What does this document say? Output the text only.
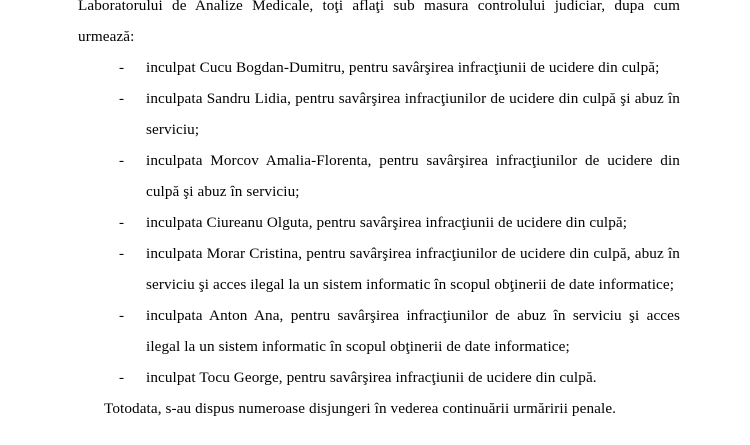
Laboratorului de Analize Medicale, toţi aflaţi sub masura controlului judiciar, dupa cum urmează:

- inculpat Cucu Bogdan-Dumitru, pentru savârşirea infracţiunii de ucidere din culpă;
- inculpata Sandru Lidia, pentru savârşirea infracţiunilor de ucidere din culpă şi abuz în serviciu;
- inculpata Morcov Amalia-Florenta, pentru savârşirea infracţiunilor de ucidere din culpă şi abuz în serviciu;
- inculpata Ciureanu Olguta, pentru savârşirea infracţiunii de ucidere din culpă;
- inculpata Morar Cristina, pentru savârşirea infracţiunilor de ucidere din culpă, abuz în serviciu şi acces ilegal la un sistem informatic în scopul obţinerii de date informatice;
- inculpata Anton Ana, pentru savârşirea infracţiunilor de abuz în serviciu şi acces ilegal la un sistem informatic în scopul obţinerii de date informatice;
- inculpat Tocu George, pentru savârşirea infracţiunii de ucidere din culpă.

Totodata, s-au dispus numeroase disjungeri în vederea continuării urmăririi penale.
